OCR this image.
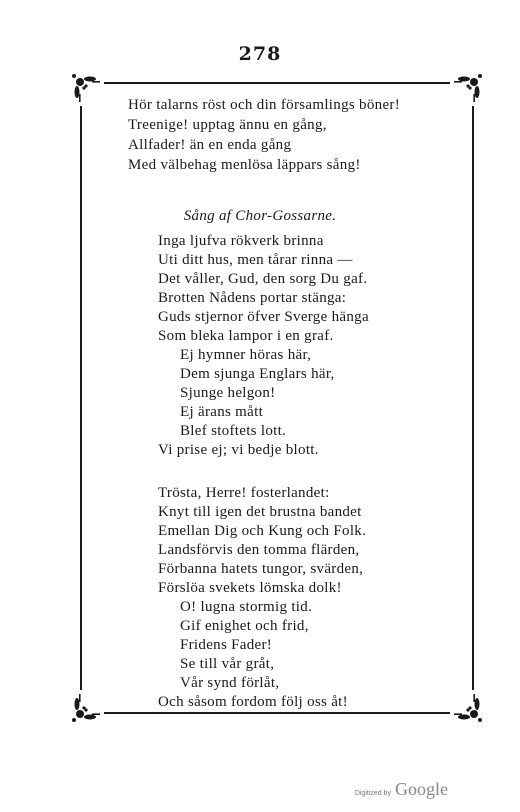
278
Hör talarns röst och din församlings böner!
Treenige! upptag ännu en gång,
Allfader! än en enda gång
Med välbehag menlösa läppars sång!
Inga ljufva rökverk brinna
Uti ditt hus, men tårar rinna —
Det våller, Gud, den sorg Du gaf.
Brotten Nådens portar stänga:
Guds stjernor öfver Sverge hänga
Som bleka lampor i en graf.
Ej hymner höras här,
Dem sjunga Englars här,
Sjunge helgon!
Ej ärans mått
Blef stoftets lott.
Vi prise ej; vi bedje blott.
Trösta, Herre! fosterlandet:
Knyt till igen det brustna bandet
Emellan Dig och Kung och Folk.
Landsförvis den tomma flärden,
Förbanna hatets tungor, svärden,
Förslöa svekets lömska dolk!
O! lugna stormig tid.
Gif enighet och frid,
Fridens Fader!
Se till vår gråt,
Vår synd förlåt,
Och såsom fordom följ oss åt!
Sång af Chor-Gossarne.
Digitized by Google
